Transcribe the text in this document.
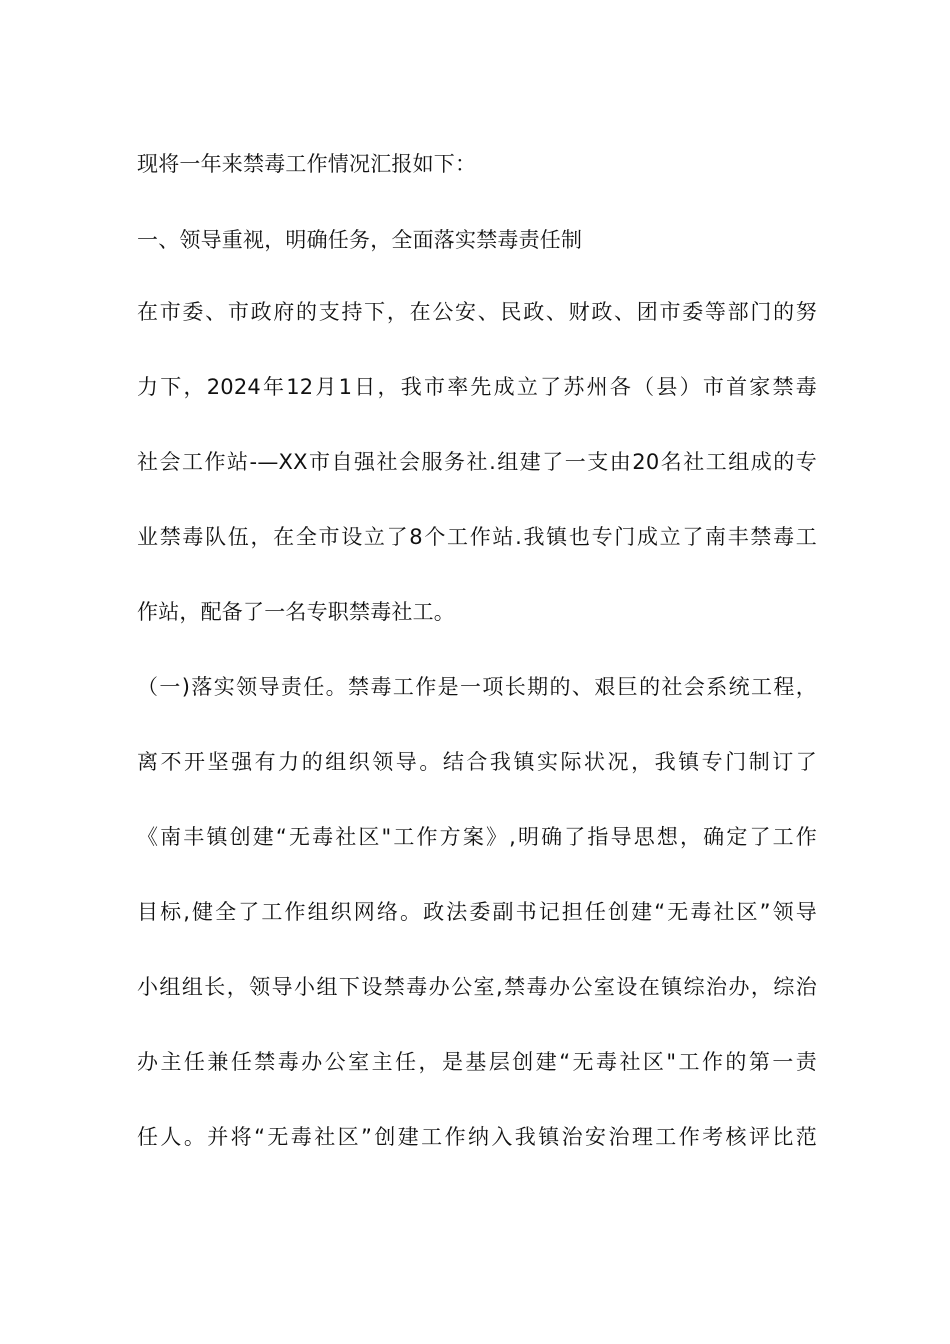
现将一年来禁毒工作情况汇报如下：
一、领导重视，明确任务，全面落实禁毒责任制
在市委、市政府的支持下，在公安、民政、财政、团市委等部门的努
力下，2024年12月1日，我市率先成立了苏州各（县）市首家禁毒
社会工作站-—XX市自强社会服务社.组建了一支由20名社工组成的专
业禁毒队伍，在全市设立了8个工作站.我镇也专门成立了南丰禁毒工
作站，配备了一名专职禁毒社工。
（一)落实领导责任。禁毒工作是一项长期的、艰巨的社会系统工程，
离不开坚强有力的组织领导。结合我镇实际状况，我镇专门制订了
《南丰镇创建“无毒社区"工作方案》,明确了指导思想，确定了工作
目标,健全了工作组织网络。政法委副书记担任创建“无毒社区”领导
小组组长，领导小组下设禁毒办公室,禁毒办公室设在镇综治办，综治
办主任兼任禁毒办公室主任，是基层创建“无毒社区"工作的第一责
任人。并将“无毒社区”创建工作纳入我镇治安治理工作考核评比范
